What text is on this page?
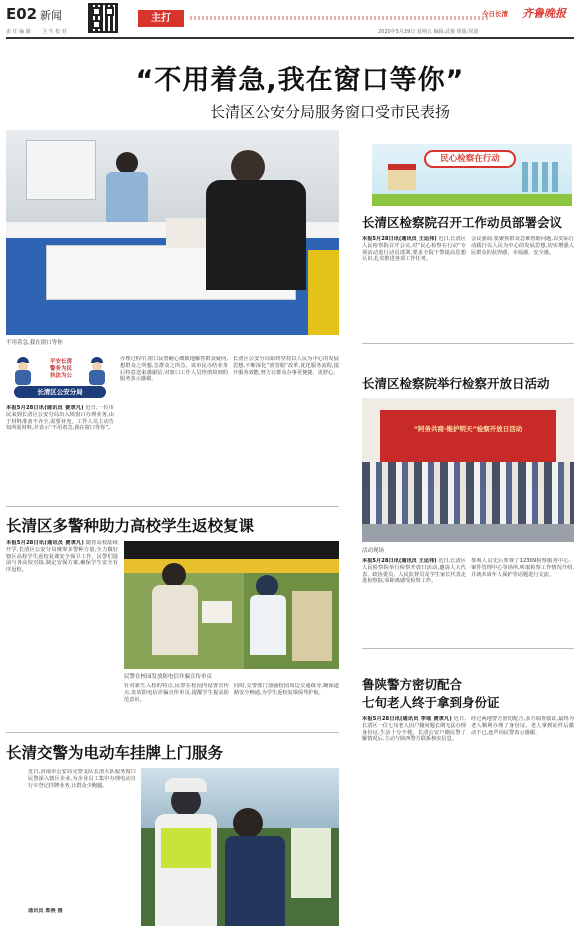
E02 新闻
责 任 编 辑 卫 生 校 对
主打	今日长清 齐鲁晚报
2020年5月29日 星期五 编辑:武俊 组版:侯波
“不用着急,我在窗口等你”
长清区公安分局服务窗口受市民表扬
不用着急,我在窗口等你
平安长清
警务为民
执法为公
长清区公安分局
本报5月28日讯(通讯员 费隶凡) 近日,一位市民来到长清区公安分局出入境窗口办理业务,由于材料准备不齐全,需要补充。工作人员主动告知所需材料,并表示“不用着急,我在窗口等你”。
办理过程中,窗口民警耐心细致地解答群众疑问,想群众之所想,急群众之所急。该市民办结业务后特意送来感谢信,对窗口工作人员热情周到的服务表示感谢。
长清区公安分局始终坚持以人民为中心的发展思想,不断深化“放管服”改革,优化服务流程,提升服务效能,努力让群众办事更便捷、更舒心。
长清区多警种助力高校学生返校复课
本报5月28日讯(通讯员 费隶凡) 随着高校陆续开学,长清区公安分局统筹多警种力量,全力做好辖区高校学生返校复课安全保卫工作。民警们提前与各高校对接,制定安保方案,确保学生安全有序返校。
民警在校园发放防电信诈骗宣传单页
针对新生入校的特点,民警在校园内设置宣传点,发放防电信诈骗宣传单页,提醒学生提高防范意识。
同时,交警部门加强校园周边交通疏导,确保道路安全畅通,为学生返校复课保驾护航。
长清交警为电动车挂牌上门服务
近日,济南市公安局交警支队长清大队服务窗口民警深入辖区企业,为企业员工集中办理电动自行车登记挂牌业务,让群众少跑腿。
通讯员 郭燕 摄
民心检察在行动
长清区检察院召开工作动员部署会议
本报5月28日讯(通讯员 王运伟) 近日,长清区人民检察院召开会议,对“民心检察在行动”专项活动进行动员部署,要求全院干警提高思想认识,扎实推进各项工作任务。
会议强调,要聚焦群众急难愁盼问题,以实际行动践行以人民为中心的发展思想,切实增强人民群众的获得感、幸福感、安全感。
长清区检察院举行检察开放日活动
“阿务共商·维护明天”检察开放日活动
活动现场
本报5月28日讯(通讯员 王运伟) 近日,长清区人民检察院举行检察开放日活动,邀请人大代表、政协委员、人民监督员及学生家长代表走进检察院,零距离感受检察工作。
参观人员先后参观了12309检察服务中心、案件管理中心等场所,听取检察工作情况介绍,并就未成年人保护等话题进行交流。
鲁陕警方密切配合
七旬老人终于拿到身份证
本报5月28日讯(通讯员 李瑶 费隶凡) 近日,长清区一位七旬老人因户籍问题长期无法办理身份证,生活十分不便。长清公安户籍民警了解情况后,主动与陕西警方联系核实信息。
经过两地警方密切配合,多方调查取证,最终为老人顺利办理了身份证。老人拿到证件后激动不已,连声向民警表示感谢。
